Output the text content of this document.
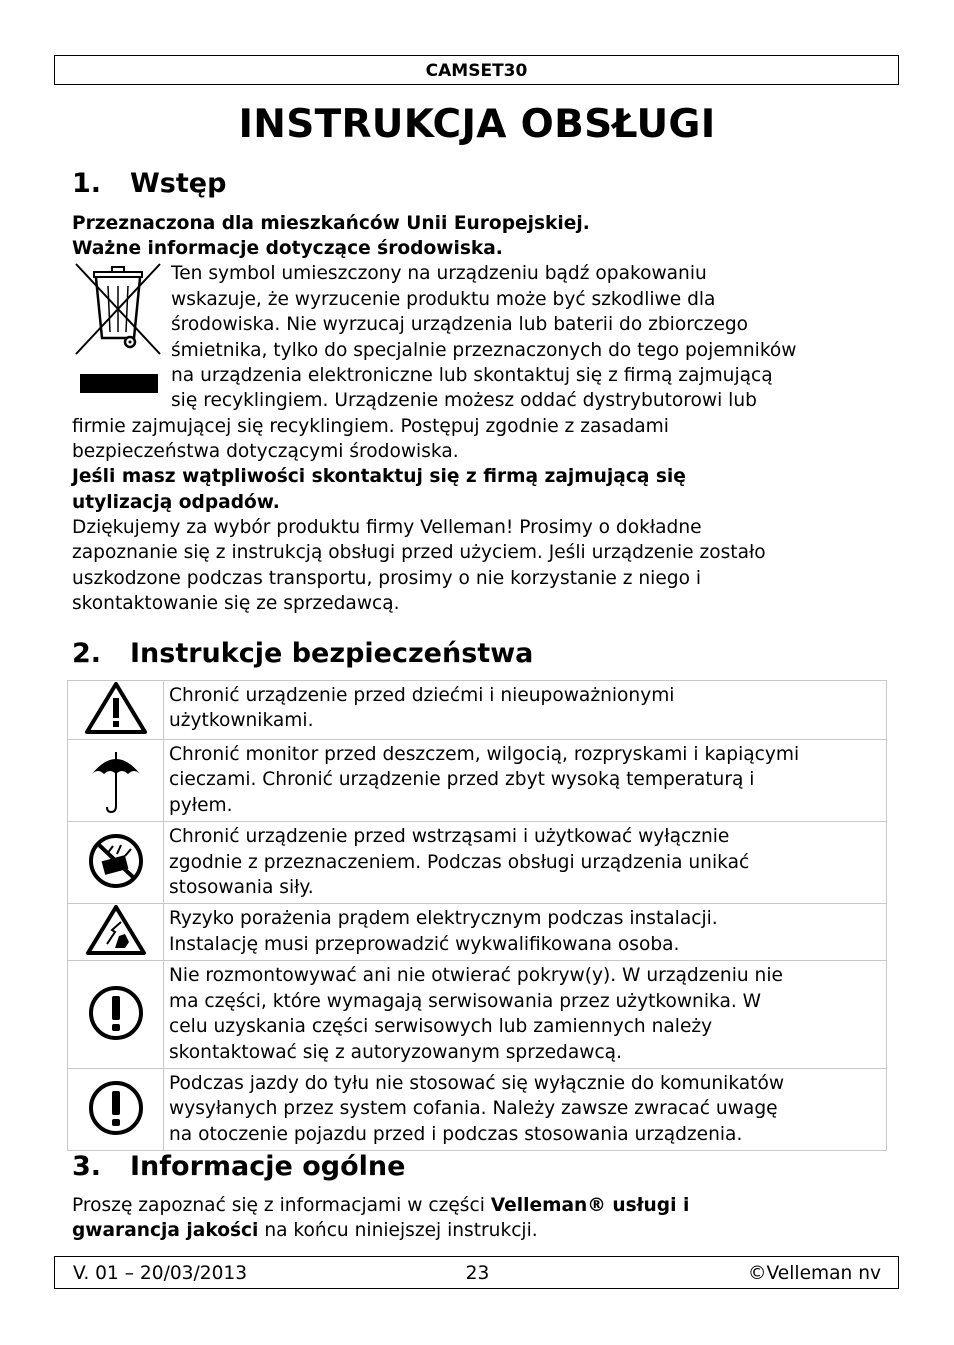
CAMSET30
INSTRUKCJA OBSŁUGI
1. Wstęp
Przeznaczona dla mieszkańców Unii Europejskiej.
Ważne informacje dotyczące środowiska.
Ten symbol umieszczony na urządzeniu bądź opakowaniu
wskazuje, że wyrzucenie produktu może być szkodliwe dla
środowiska. Nie wyrzucaj urządzenia lub baterii do zbiorczego
śmietnika, tylko do specjalnie przeznaczonych do tego pojemników
na urządzenia elektroniczne lub skontaktuj się z firmą zajmującą
się recyklingiem. Urządzenie możesz oddać dystrybutorowi lub
firmie zajmującej się recyklingiem. Postępuj zgodnie z zasadami
bezpieczeństwa dotyczącymi środowiska.
Jeśli masz wątpliwości skontaktuj się z firmą zajmującą się
utylizacją odpadów.
Dziękujemy za wybór produktu firmy Velleman! Prosimy o dokładne
zapoznanie się z instrukcją obsługi przed użyciem. Jeśli urządzenie zostało
uszkodzone podczas transportu, prosimy o nie korzystanie z niego i
skontaktowanie się ze sprzedawcą.
2. Instrukcje bezpieczeństwa

Chronić urządzenie przed dziećmi i nieupoważnionymi
użytkownikami.

Chronić monitor przed deszczem, wilgocią, rozpryskami i kapiącymi
cieczami. Chronić urządzenie przed zbyt wysoką temperaturą i
pyłem.

Chronić urządzenie przed wstrząsami i użytkować wyłącznie
zgodnie z przeznaczeniem. Podczas obsługi urządzenia unikać
stosowania siły.

Ryzyko porażenia prądem elektrycznym podczas instalacji.
Instalację musi przeprowadzić wykwalifikowana osoba.

Nie rozmontowywać ani nie otwierać pokryw(y). W urządzeniu nie
ma części, które wymagają serwisowania przez użytkownika. W
celu uzyskania części serwisowych lub zamiennych należy
skontaktować się z autoryzowanym sprzedawcą.

Podczas jazdy do tyłu nie stosować się wyłącznie do komunikatów
wysyłanych przez system cofania. Należy zawsze zwracać uwagę
na otoczenie pojazdu przed i podczas stosowania urządzenia.
3. Informacje ogólne
Proszę zapoznać się z informacjami w części Velleman® usługi i
gwarancja jakości na końcu niniejszej instrukcji.
V. 01 – 20/03/2013	23	©Velleman nv
